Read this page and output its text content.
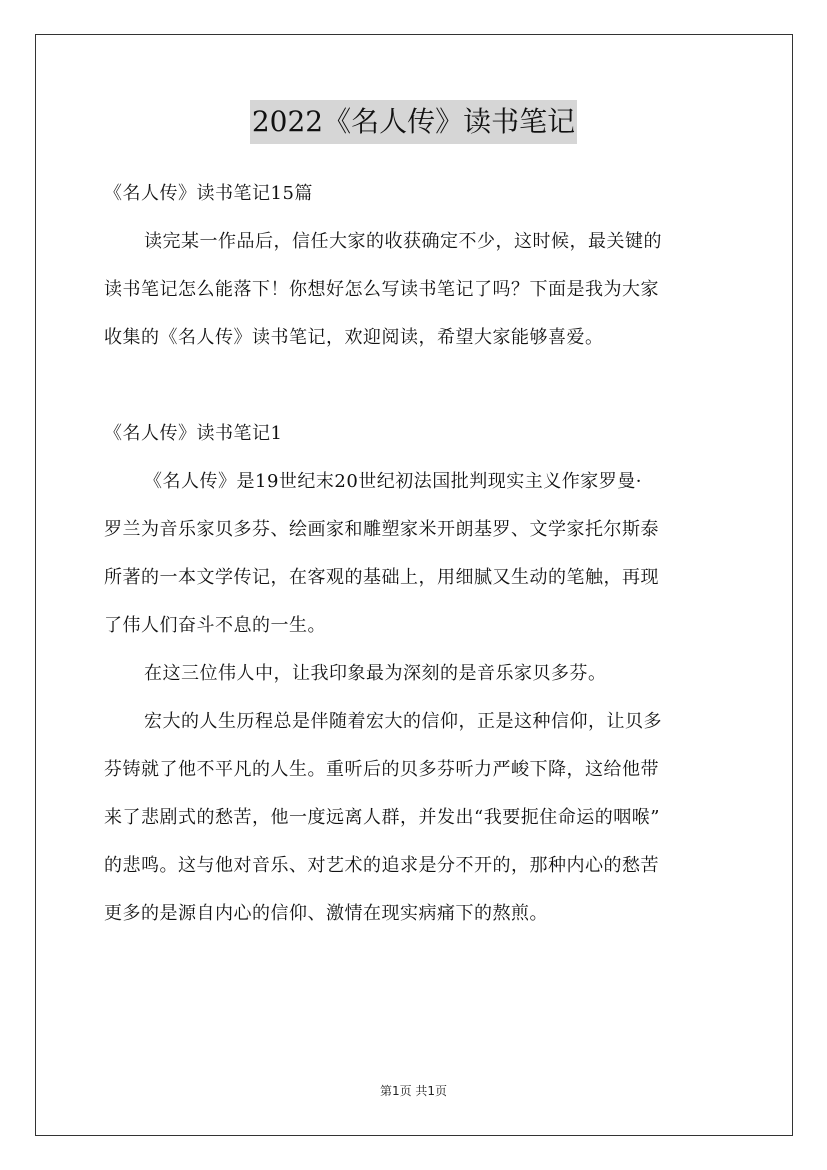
2022《名人传》读书笔记
《名人传》读书笔记15篇
读完某一作品后，信任大家的收获确定不少，这时候，最关键的
读书笔记怎么能落下！你想好怎么写读书笔记了吗？下面是我为大家
收集的《名人传》读书笔记，欢迎阅读，希望大家能够喜爱。
《名人传》读书笔记1
《名人传》是19世纪末20世纪初法国批判现实主义作家罗曼·
罗兰为音乐家贝多芬、绘画家和雕塑家米开朗基罗、文学家托尔斯泰
所著的一本文学传记，在客观的基础上，用细腻又生动的笔触，再现
了伟人们奋斗不息的一生。
在这三位伟人中，让我印象最为深刻的是音乐家贝多芬。
宏大的人生历程总是伴随着宏大的信仰，正是这种信仰，让贝多
芬铸就了他不平凡的人生。重听后的贝多芬听力严峻下降，这给他带
来了悲剧式的愁苦，他一度远离人群，并发出“我要扼住命运的咽喉”
的悲鸣。这与他对音乐、对艺术的追求是分不开的，那种内心的愁苦
更多的是源自内心的信仰、激情在现实病痛下的熬煎。
第1页 共1页
